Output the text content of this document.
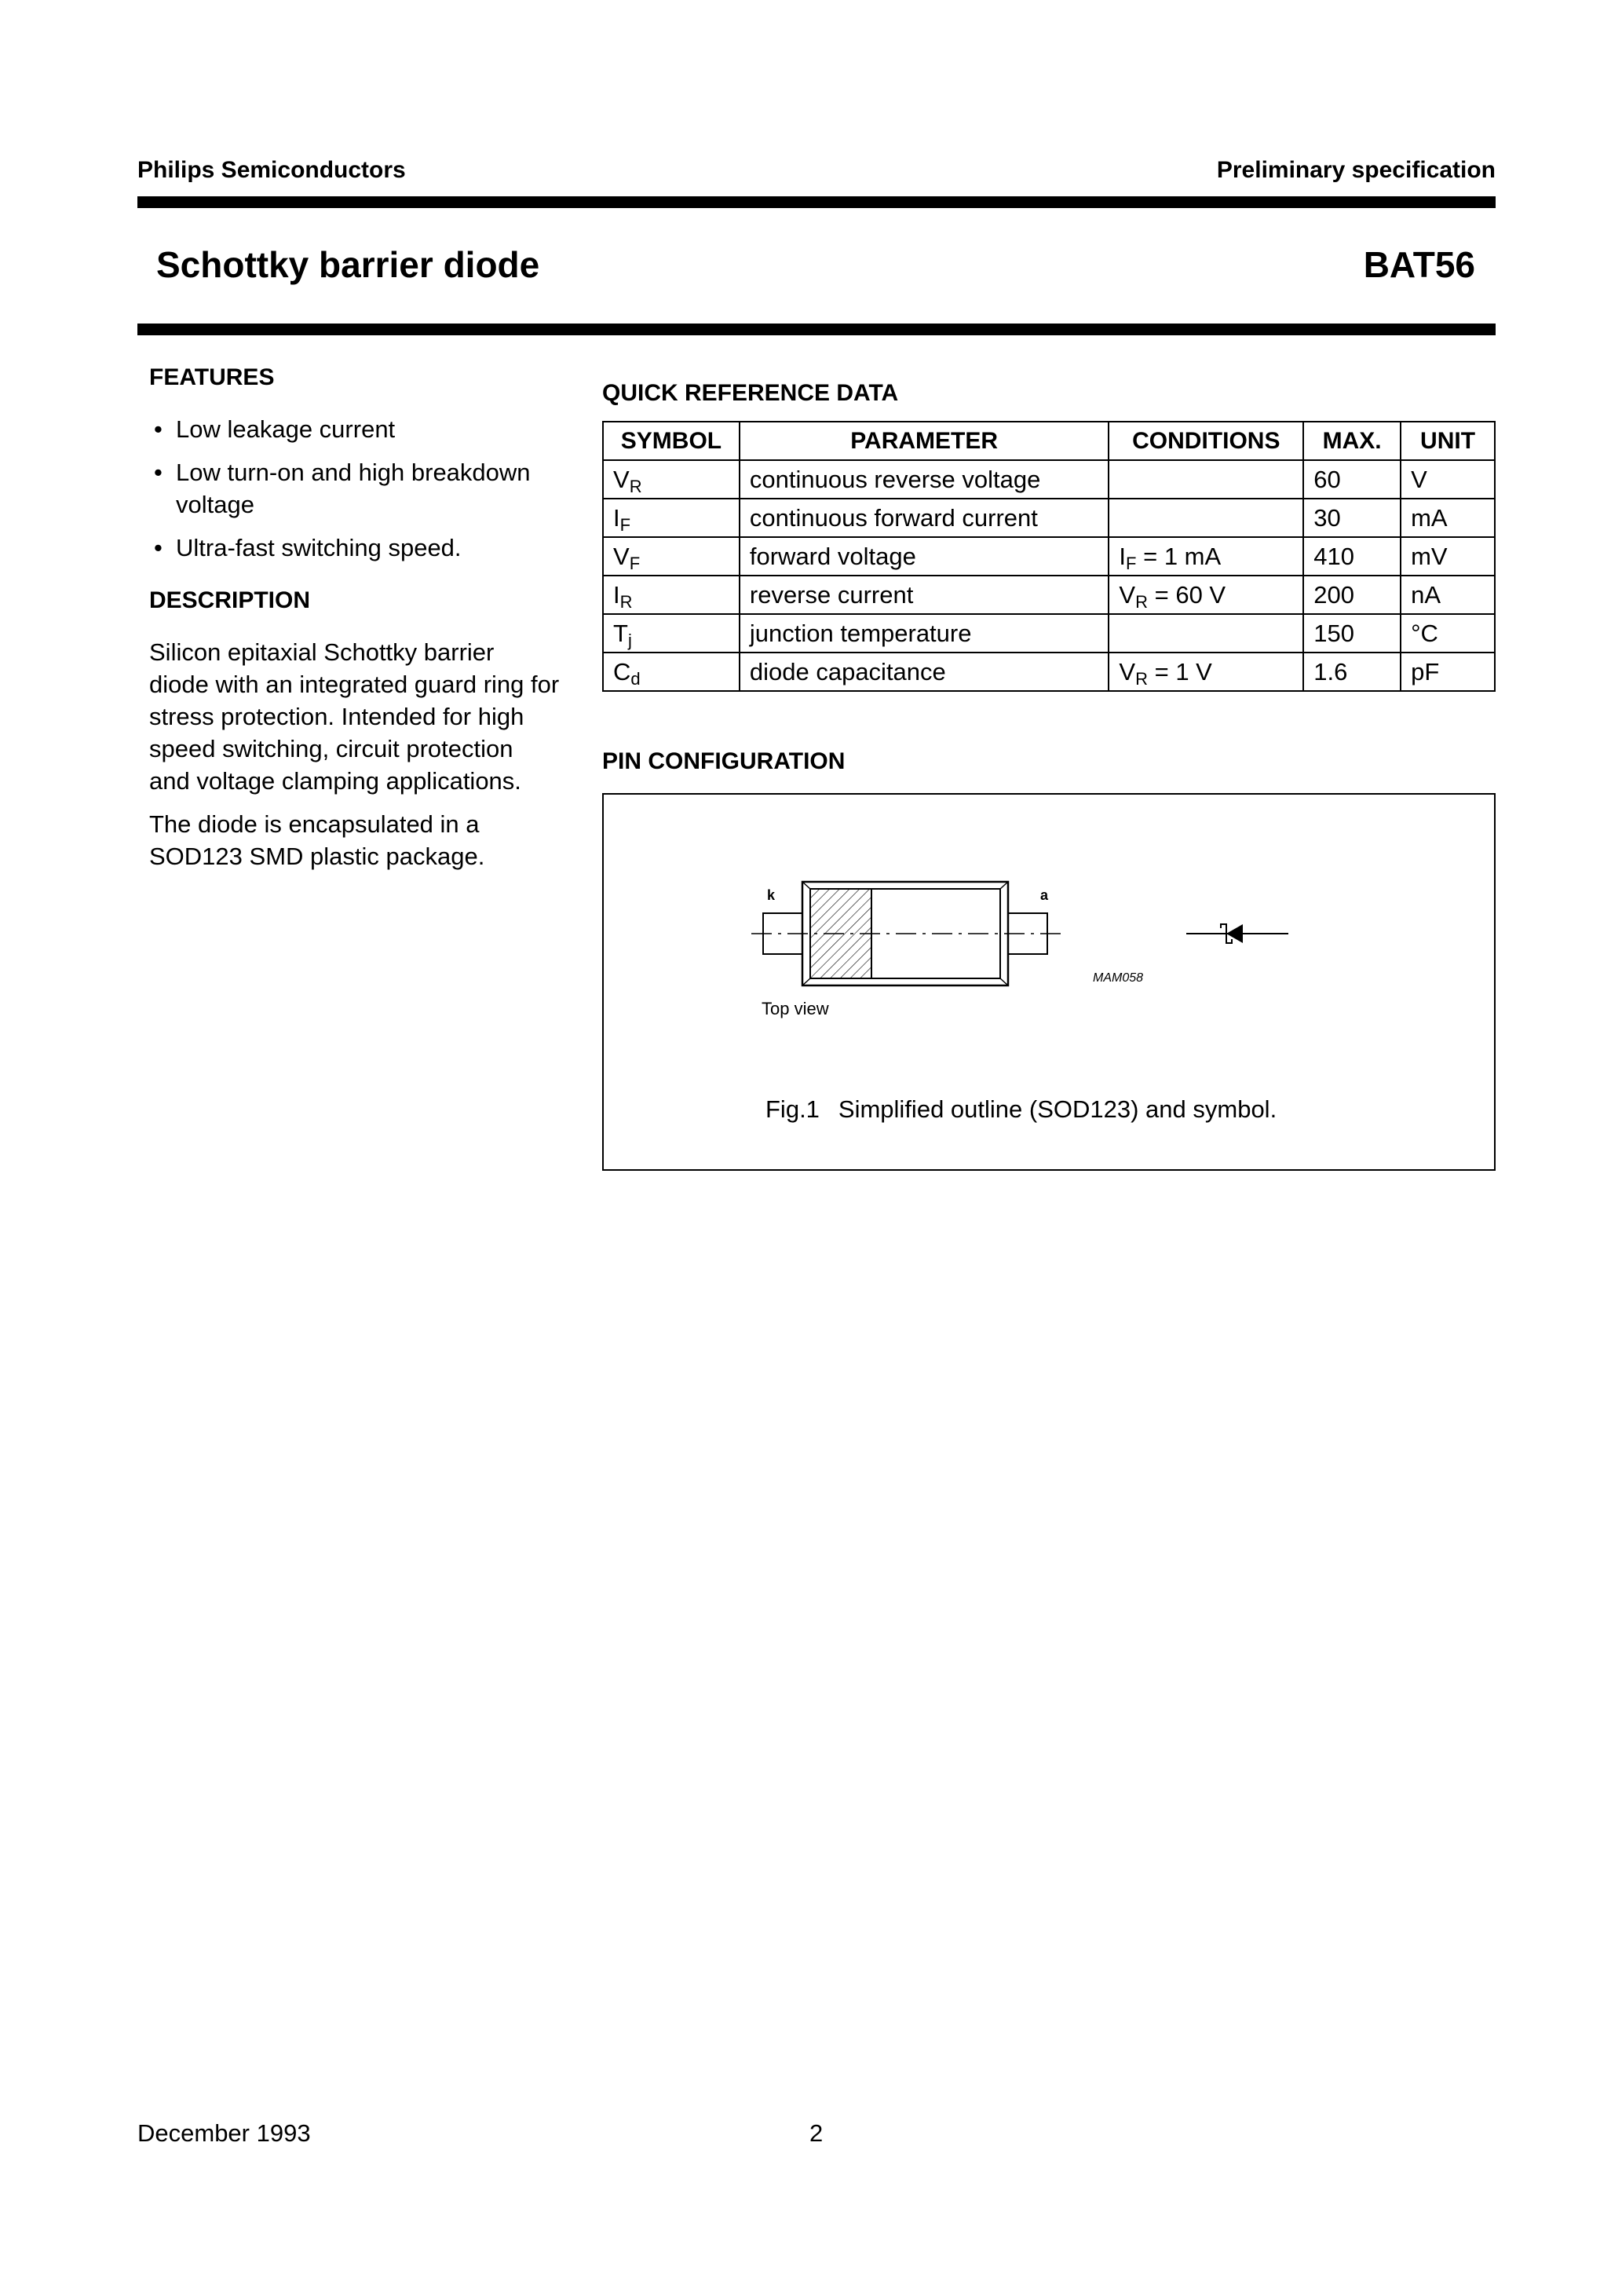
Philips Semiconductors	Preliminary specification
Schottky barrier diode	BAT56
FEATURES
• Low leakage current
• Low turn-on and high breakdown
voltage
• Ultra-fast switching speed.
DESCRIPTION

Silicon epitaxial Schottky barrier
diode with an integrated guard ring for
stress protection. Intended for high
speed switching, circuit protection
and voltage clamping applications.

The diode is encapsulated in a
SOD123 SMD plastic package.

QUICK REFERENCE DATA
SYMBOL	PARAMETER	CONDITIONS	MAX.	UNIT
$V_R$	continuous reverse voltage		60	V
$I_F$	continuous forward current		30	mA
$V_F$	forward voltage	$I_F = 1$ mA	410	mV
$I_R$	reverse current	$V_R = 60$ V	200	nA
$T_j$	junction temperature		150	°C
$C_d$	diode capacitance	$V_R = 1$ V	1.6	pF
PIN CONFIGURATION
k	a
Top view
MAM058
Fig.1 Simplified outline (SOD123) and symbol.
December 1993	2
